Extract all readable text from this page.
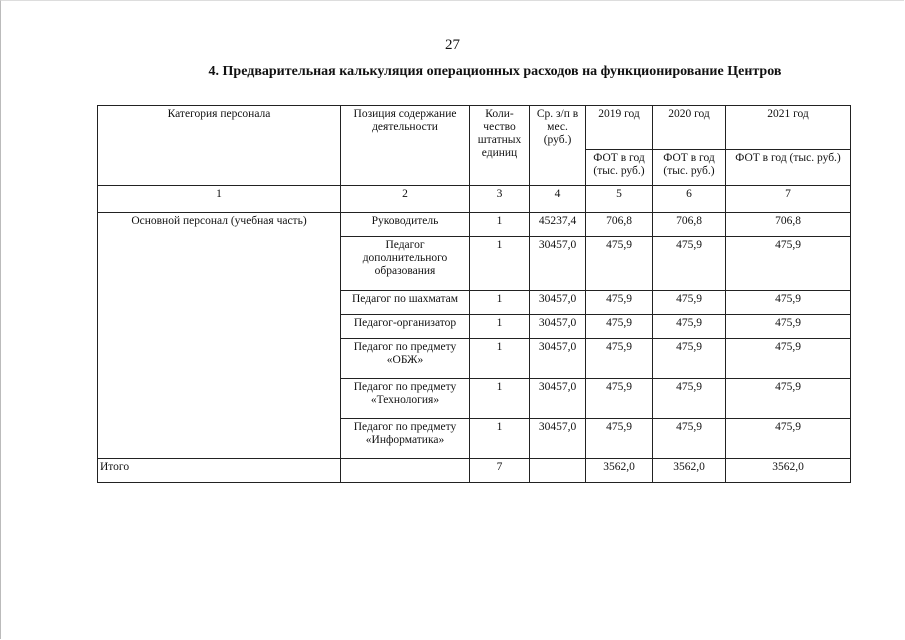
27
4. Предварительная калькуляция операционных расходов на функционирование Центров
Категория персонала	Позиция содержание деятельности	Коли-чество штатных единиц	Ср. з/п в мес. (руб.)	2019 год	2020 год	2021 год
				ФОТ в год (тыс. руб.)	ФОТ в год (тыс. руб.)	ФОТ в год (тыс. руб.)
1	2	3	4	5	6	7
Основной персонал (учебная часть)	Руководитель	1	45237,4	706,8	706,8	706,8
	Педагог дополнительного образования	1	30457,0	475,9	475,9	475,9
	Педагог по шахматам	1	30457,0	475,9	475,9	475,9
	Педагог-организатор	1	30457,0	475,9	475,9	475,9
	Педагог по предмету «ОБЖ»	1	30457,0	475,9	475,9	475,9
	Педагог по предмету «Технология»	1	30457,0	475,9	475,9	475,9
	Педагог по предмету «Информатика»	1	30457,0	475,9	475,9	475,9
Итого		7		3562,0	3562,0	3562,0
